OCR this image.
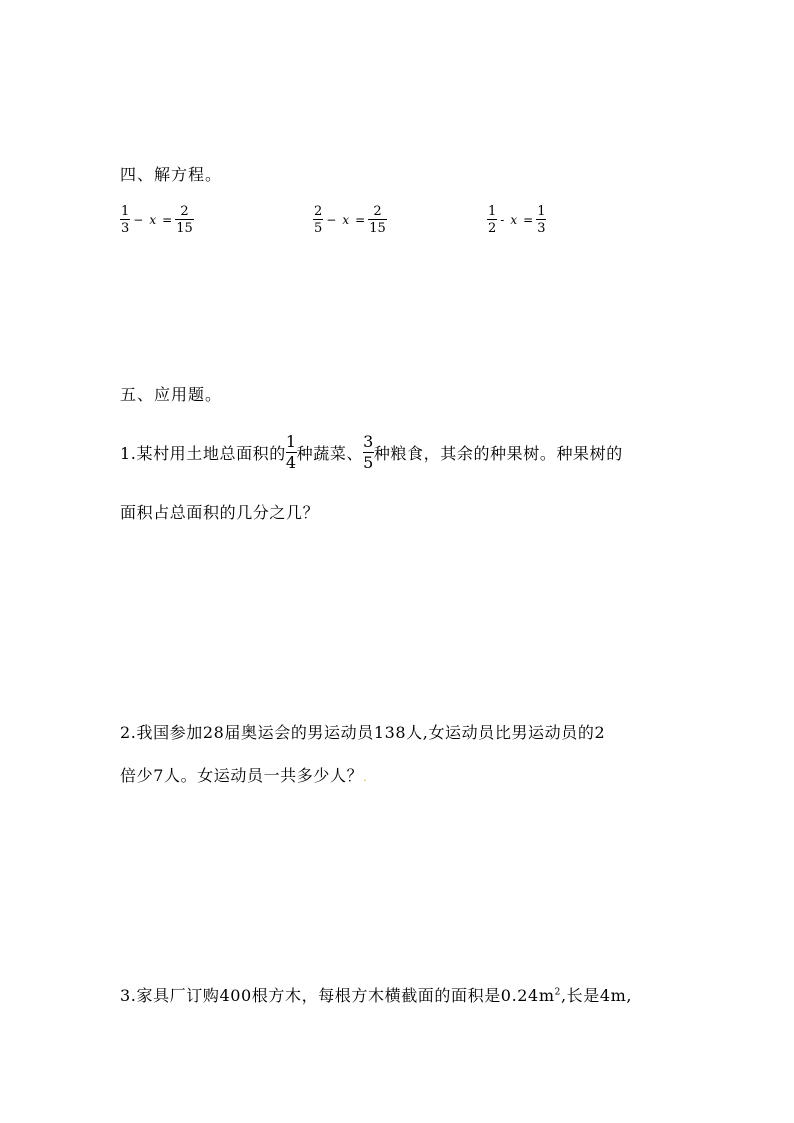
四、解方程。
$\frac{1}{3} - x = \frac{2}{15}$	$\frac{2}{5} - x = \frac{2}{15}$	$\frac{1}{2} - x = \frac{1}{3}$
五、应用题。
1.某村用土地总面积的 $\frac{1}{4}$ 种蔬菜、 $\frac{3}{5}$ 种粮食，其余的种果树。种果树的
面积占总面积的几分之几？
2.我国参加28届奥运会的男运动员138人,女运动员比男运动员的2
倍少7人。女运动员一共多少人？.
3.家具厂订购400根方木，每根方木横截面的面积是$0.24m^2$,长是4m,
